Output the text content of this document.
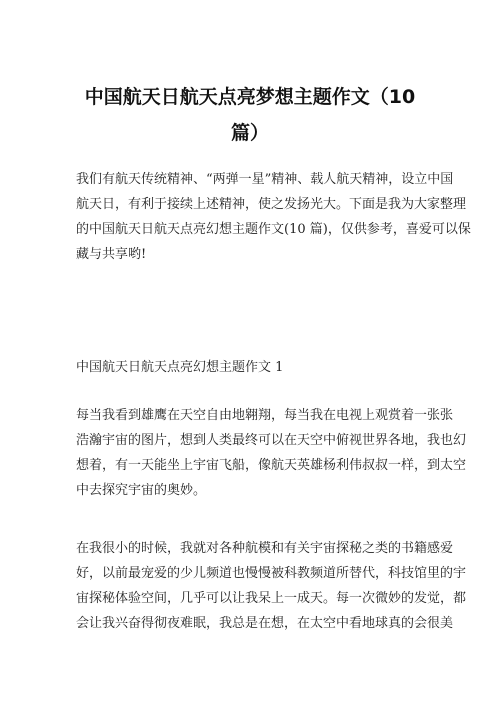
中国航天日航天点亮梦想主题作文（10
篇）
我们有航天传统精神、“两弹一星”精神、载人航天精神，设立中国
航天日，有利于接续上述精神，使之发扬光大。下面是我为大家整理
的中国航天日航天点亮幻想主题作文(10 篇)，仅供参考，喜爱可以保
藏与共享哟!
中国航天日航天点亮幻想主题作文 1
每当我看到雄鹰在天空自由地翱翔，每当我在电视上观赏着一张张
浩瀚宇宙的图片，想到人类最终可以在天空中俯视世界各地，我也幻
想着，有一天能坐上宇宙飞船，像航天英雄杨利伟叔叔一样，到太空
中去探究宇宙的奥妙。
在我很小的时候，我就对各种航模和有关宇宙探秘之类的书籍感爱
好，以前最宠爱的少儿频道也慢慢被科教频道所替代，科技馆里的宇
宙探秘体验空间，几乎可以让我呆上一成天。每一次微妙的发觉，都
会让我兴奋得彻夜难眠，我总是在想，在太空中看地球真的会很美
